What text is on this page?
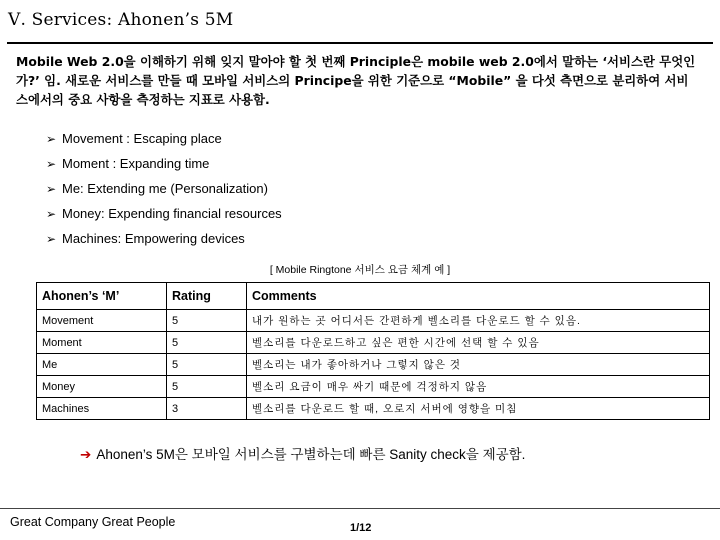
Ⅴ. Services: Ahonen’s 5M
Mobile Web 2.0을 이해하기 위해 잊지 말아야 할 첫 번째 Principle은 mobile web 2.0에서 말하는 ‘서비스란 무엇인가?’ 임. 새로운 서비스를 만들 때 모바일 서비스의 Principe을 위한 기준으로 “Mobile” 을 다섯 측면으로 분리하여 서비스에서의 중요 사항을 측정하는 지표로 사용함.
➢ Movement : Escaping place
➢ Moment : Expanding time
➢ Me: Extending me (Personalization)
➢ Money: Expending financial resources
➢ Machines: Empowering devices
[ Mobile Ringtone 서비스 요금 체계 예 ]
Ahonen’s ‘M’	Rating	Comments
Movement	5	내가 원하는 곳 어디서든 간편하게 벨소리를 다운로드 할 수 있음.
Moment	5	벨소리를 다운로드하고 싶은 편한 시간에 선택 할 수 있음
Me	5	벨소리는 내가 좋아하거나 그렇지 않은 것
Money	5	벨소리 요금이 매우 싸기 때문에 걱정하지 않음
Machines	3	벨소리를 다운로드 할 때, 오로지 서버에 영향을 미침
➔ Ahonen’s 5M은 모바일 서비스를 구별하는데 빠른 Sanity check을 제공함.
Great Company Great People	1/12
